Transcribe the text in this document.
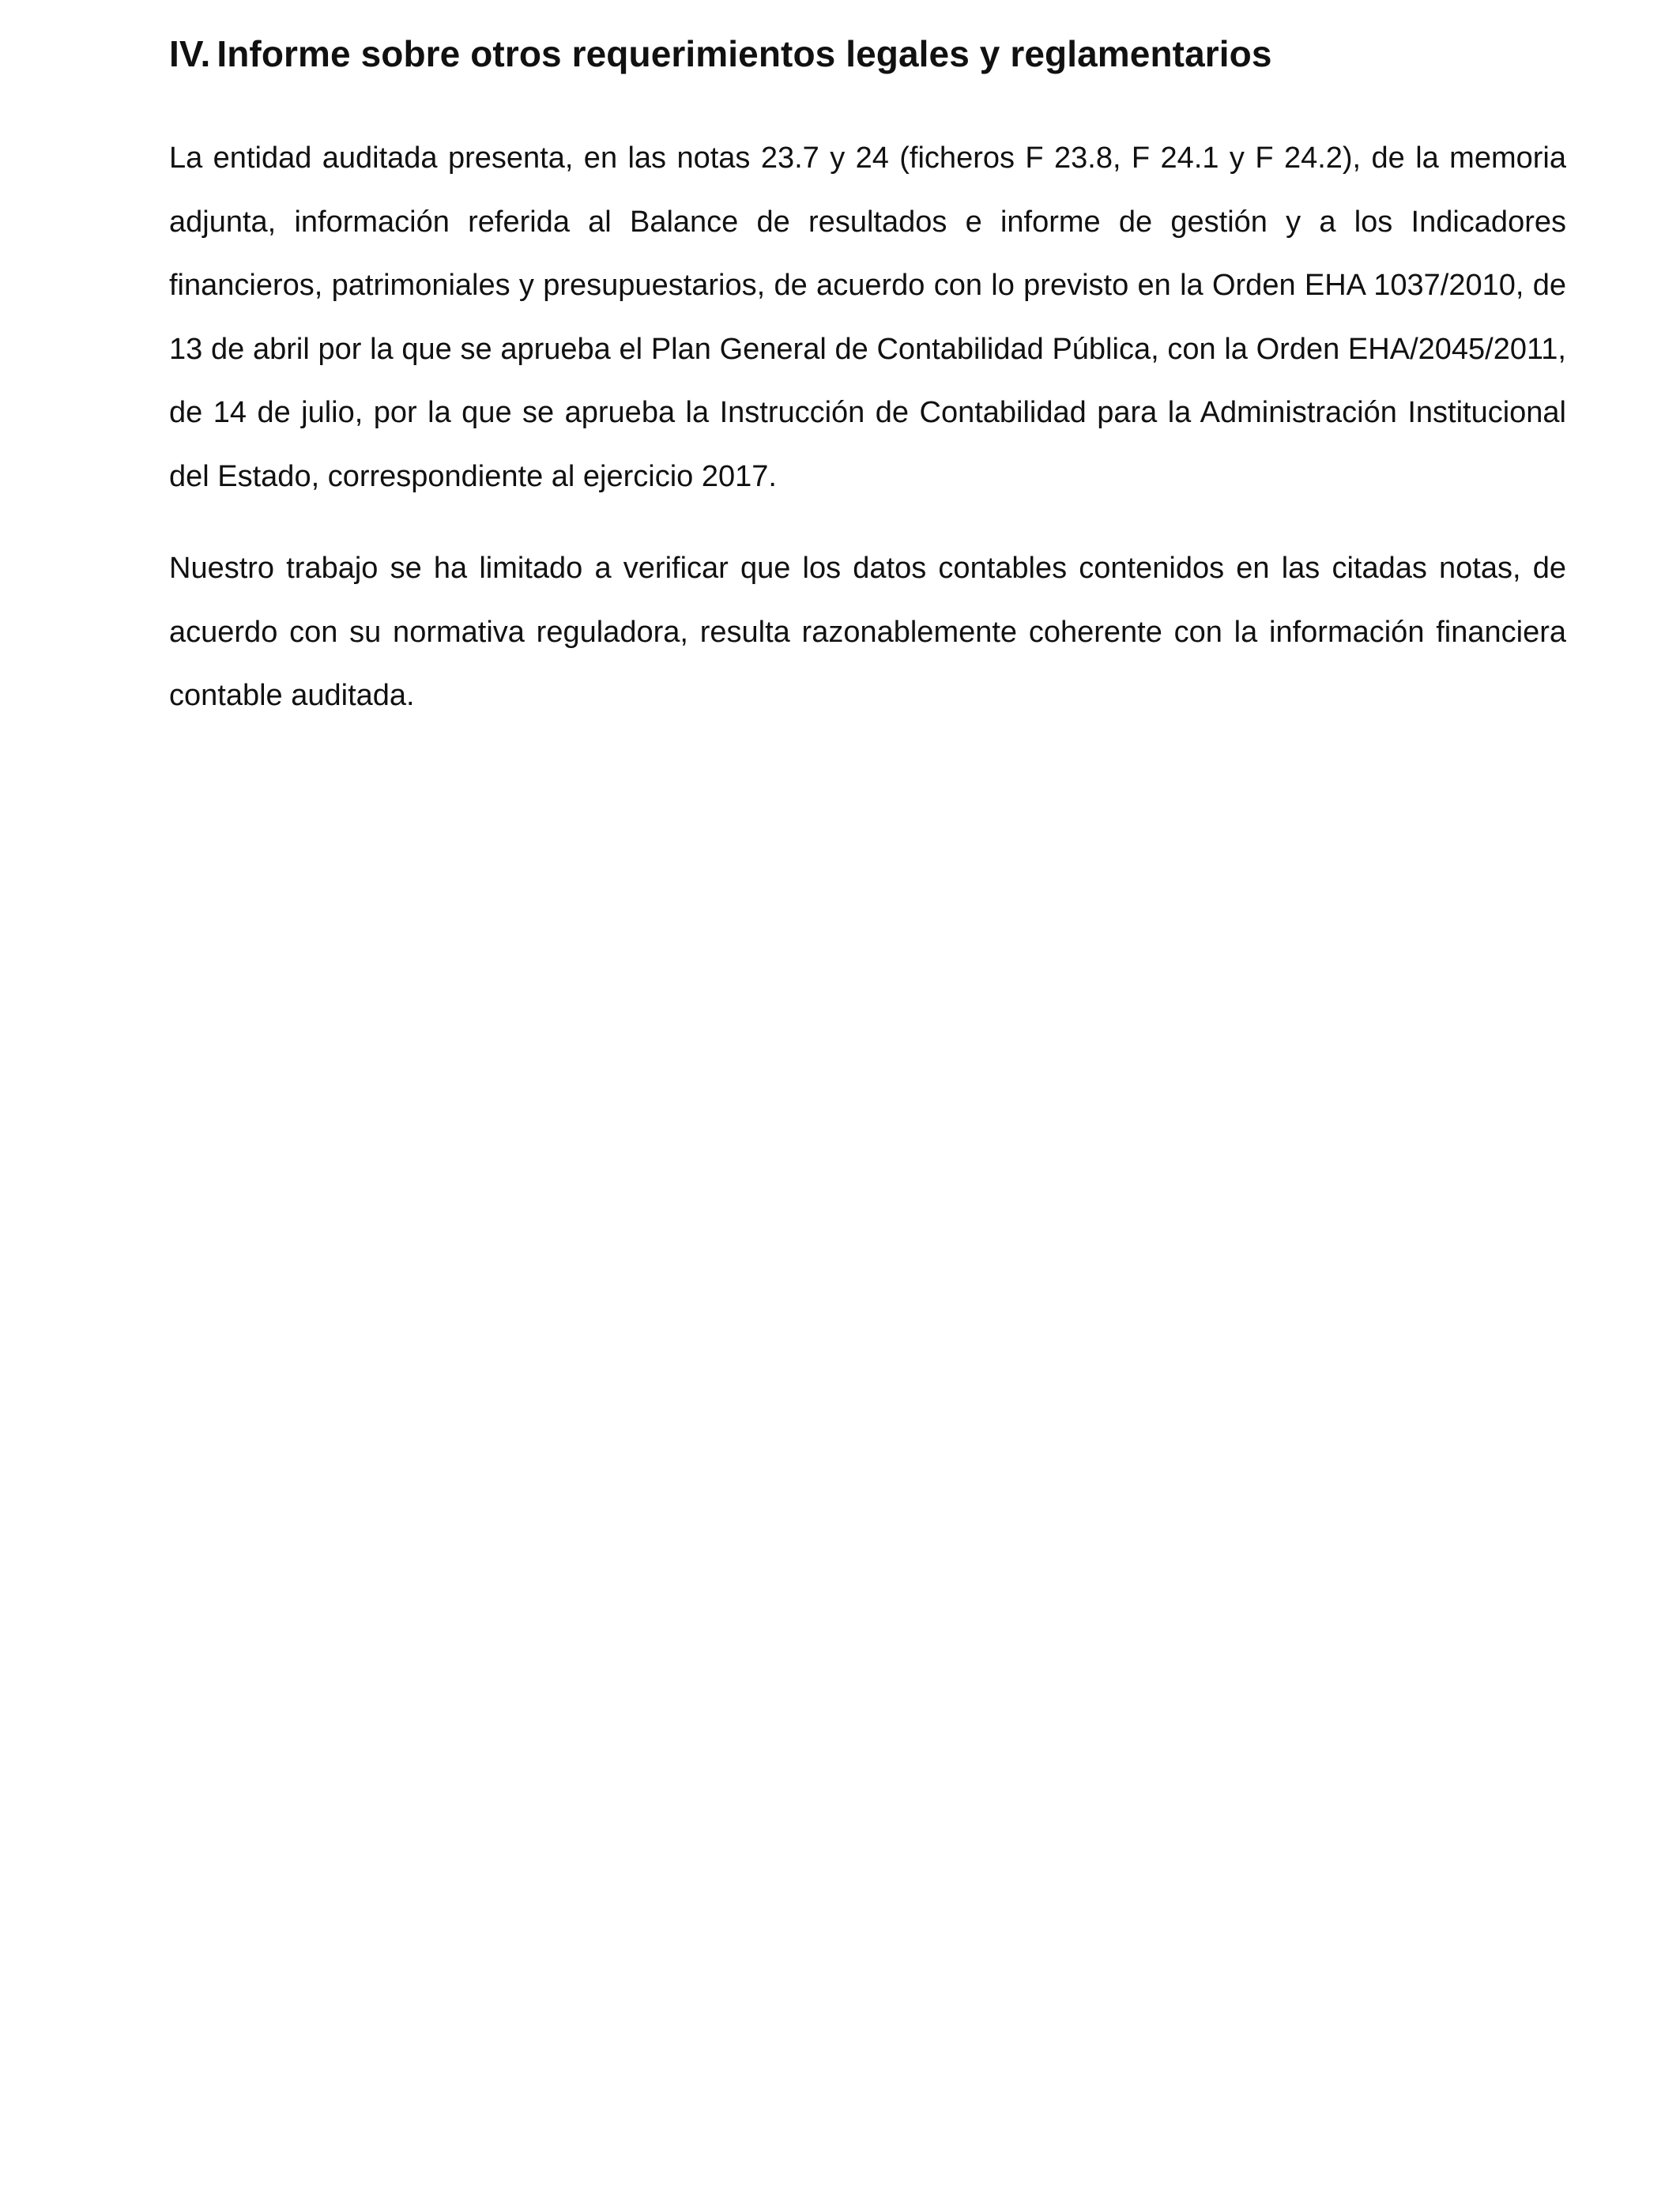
IV. Informe sobre otros requerimientos legales y reglamentarios

La entidad auditada presenta, en las notas 23.7 y 24 (ficheros F 23.8, F 24.1 y F 24.2), de la memoria adjunta, información referida al Balance de resultados e informe de gestión y a los Indicadores financieros, patrimoniales y presupuestarios, de acuerdo con lo previsto en la Orden EHA 1037/2010, de 13 de abril por la que se aprueba el Plan General de Contabilidad Pública, con la Orden EHA/2045/2011, de 14 de julio, por la que se aprueba la Instrucción de Contabilidad para la Administración Institucional del Estado, correspondiente al ejercicio 2017.

Nuestro trabajo se ha limitado a verificar que los datos contables contenidos en las citadas notas, de acuerdo con su normativa reguladora, resulta razonablemente coherente con la información financiera contable auditada.
